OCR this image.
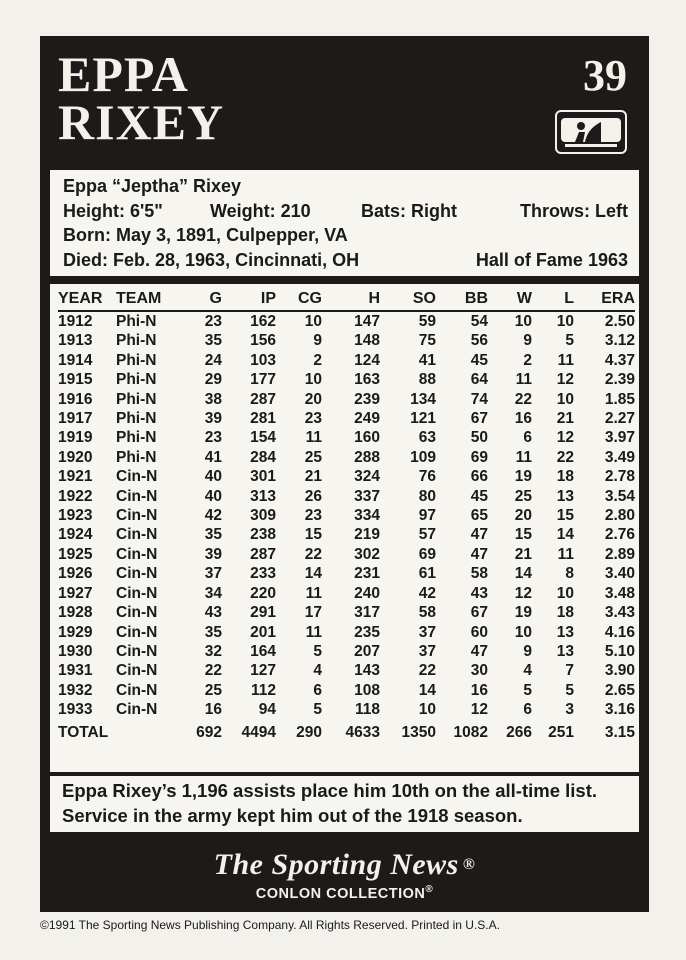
EPPA
RIXEY
39
Eppa “Jeptha” Rixey
Height: 6'5"	Weight: 210	Bats: Right	Throws: Left
Born: May 3, 1891, Culpepper, VA
Died: Feb. 28, 1963, Cincinnati, OH	Hall of Fame 1963
YEAR	TEAM	G	IP	CG	H	SO	BB	W	L	ERA
1912	Phi-N	23	162	10	147	59	54	10	10	2.50
1913	Phi-N	35	156	9	148	75	56	9	5	3.12
1914	Phi-N	24	103	2	124	41	45	2	11	4.37
1915	Phi-N	29	177	10	163	88	64	11	12	2.39
1916	Phi-N	38	287	20	239	134	74	22	10	1.85
1917	Phi-N	39	281	23	249	121	67	16	21	2.27
1919	Phi-N	23	154	11	160	63	50	6	12	3.97
1920	Phi-N	41	284	25	288	109	69	11	22	3.49
1921	Cin-N	40	301	21	324	76	66	19	18	2.78
1922	Cin-N	40	313	26	337	80	45	25	13	3.54
1923	Cin-N	42	309	23	334	97	65	20	15	2.80
1924	Cin-N	35	238	15	219	57	47	15	14	2.76
1925	Cin-N	39	287	22	302	69	47	21	11	2.89
1926	Cin-N	37	233	14	231	61	58	14	8	3.40
1927	Cin-N	34	220	11	240	42	43	12	10	3.48
1928	Cin-N	43	291	17	317	58	67	19	18	3.43
1929	Cin-N	35	201	11	235	37	60	10	13	4.16
1930	Cin-N	32	164	5	207	37	47	9	13	5.10
1931	Cin-N	22	127	4	143	22	30	4	7	3.90
1932	Cin-N	25	112	6	108	14	16	5	5	2.65
1933	Cin-N	16	94	5	118	10	12	6	3	3.16
TOTAL		692	4494	290	4633	1350	1082	266	251	3.15
Eppa Rixey’s 1,196 assists place him 10th on the all-time list. Service in the army kept him out of the 1918 season.
The Sporting News ®
CONLON COLLECTION®
©1991 The Sporting News Publishing Company. All Rights Reserved. Printed in U.S.A.
